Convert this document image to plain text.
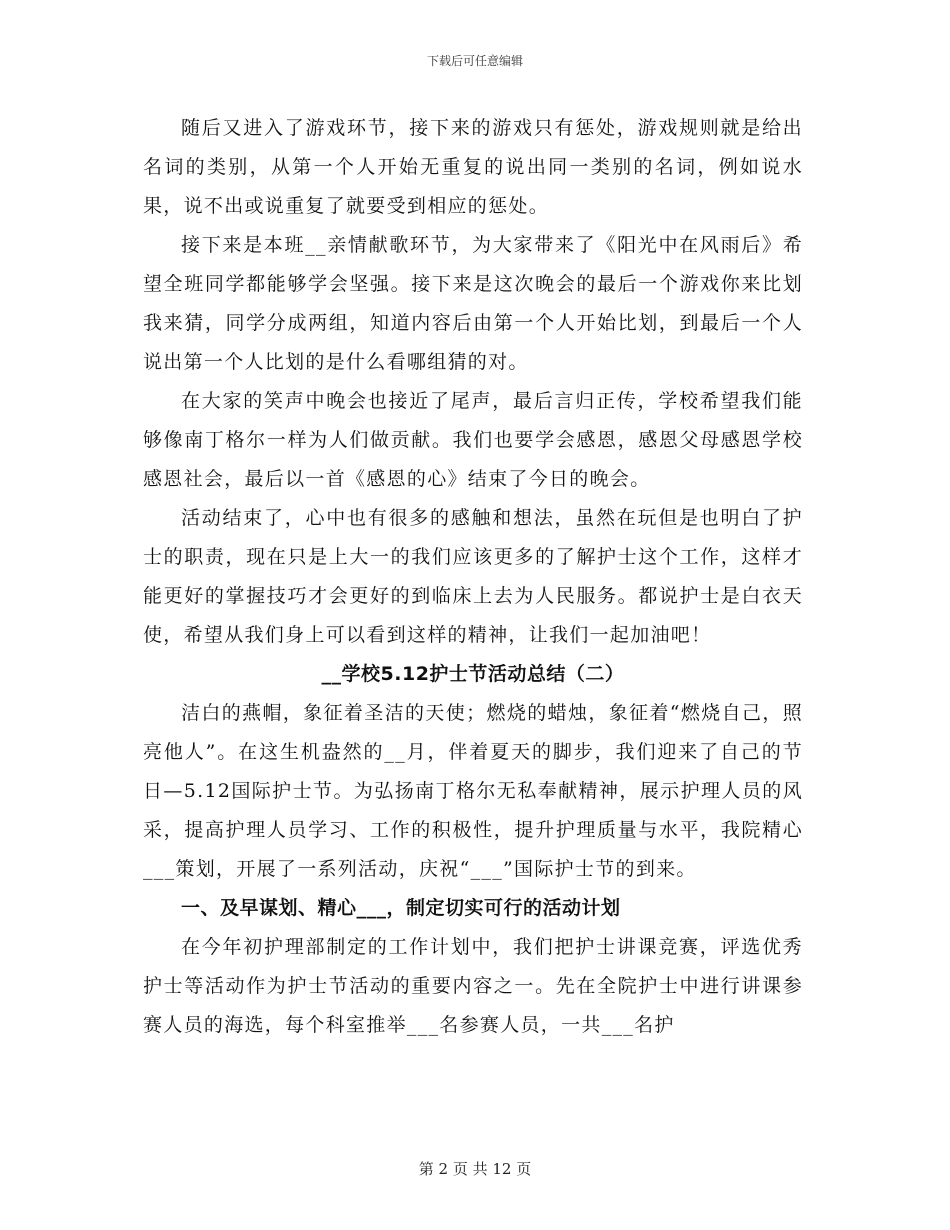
下载后可任意编辑

随后又进入了游戏环节，接下来的游戏只有惩处，游戏规则就是给出名词的类别，从第一个人开始无重复的说出同一类别的名词，例如说水果，说不出或说重复了就要受到相应的惩处。

接下来是本班__亲情献歌环节，为大家带来了《阳光中在风雨后》希望全班同学都能够学会坚强。接下来是这次晚会的最后一个游戏你来比划我来猜，同学分成两组，知道内容后由第一个人开始比划，到最后一个人说出第一个人比划的是什么看哪组猜的对。

在大家的笑声中晚会也接近了尾声，最后言归正传，学校希望我们能够像南丁格尔一样为人们做贡献。我们也要学会感恩，感恩父母感恩学校感恩社会，最后以一首《感恩的心》结束了今日的晚会。

活动结束了，心中也有很多的感触和想法，虽然在玩但是也明白了护士的职责，现在只是上大一的我们应该更多的了解护士这个工作，这样才能更好的掌握技巧才会更好的到临床上去为人民服务。都说护士是白衣天使，希望从我们身上可以看到这样的精神，让我们一起加油吧！

__学校5.12护士节活动总结（二）

洁白的燕帽，象征着圣洁的天使；燃烧的蜡烛，象征着“燃烧自己，照亮他人”。在这生机盎然的__月，伴着夏天的脚步，我们迎来了自己的节日—5.12国际护士节。为弘扬南丁格尔无私奉献精神，展示护理人员的风采，提高护理人员学习、工作的积极性，提升护理质量与水平，我院精心___策划，开展了一系列活动，庆祝“___”国际护士节的到来。

一、及早谋划、精心___，制定切实可行的活动计划

在今年初护理部制定的工作计划中，我们把护士讲课竞赛，评选优秀护士等活动作为护士节活动的重要内容之一。先在全院护士中进行讲课参赛人员的海选，每个科室推举___名参赛人员，一共___名护

第 2 页 共 12 页
